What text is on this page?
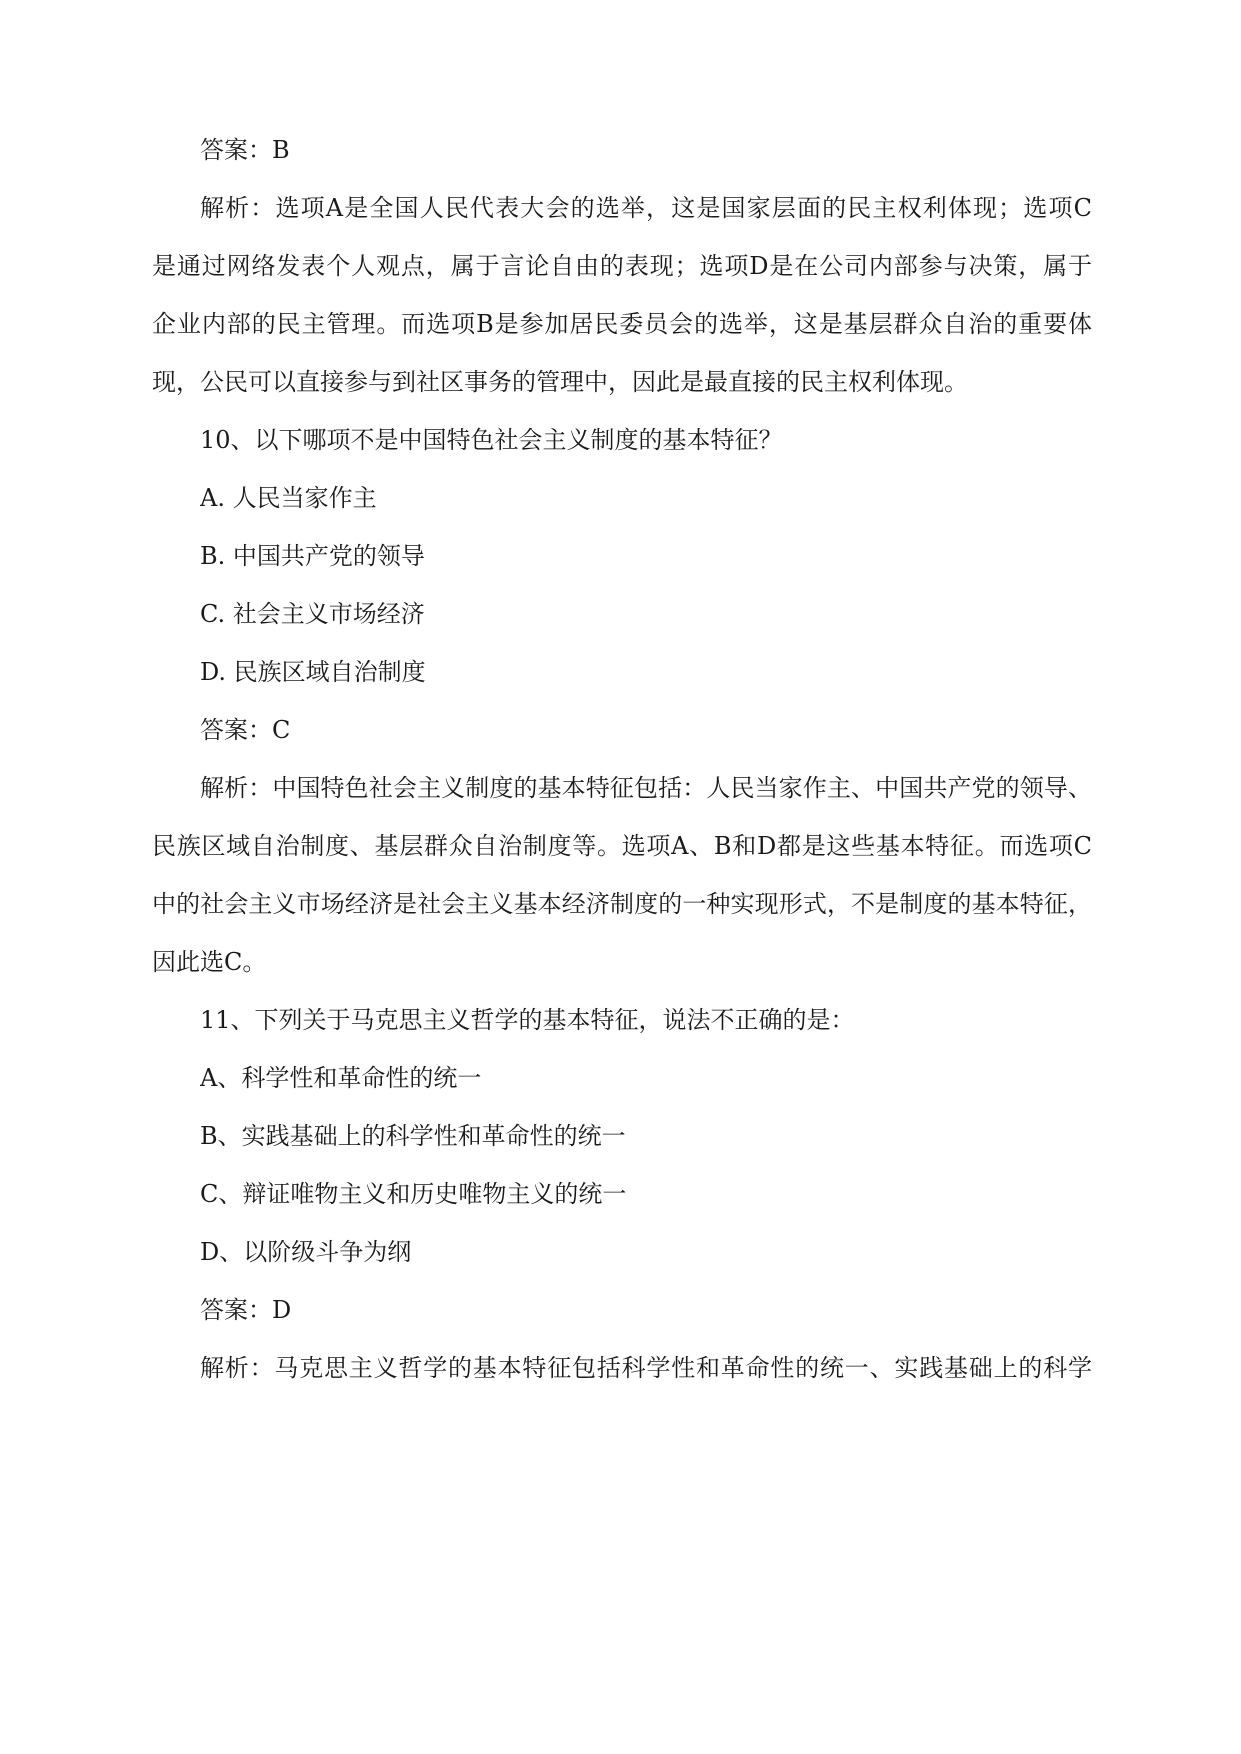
答案：B
解析：选项A是全国人民代表大会的选举，这是国家层面的民主权利体现；选项C
是通过网络发表个人观点，属于言论自由的表现；选项D是在公司内部参与决策，属于
企业内部的民主管理。而选项B是参加居民委员会的选举，这是基层群众自治的重要体
现，公民可以直接参与到社区事务的管理中，因此是最直接的民主权利体现。
10、以下哪项不是中国特色社会主义制度的基本特征？
A. 人民当家作主
B. 中国共产党的领导
C. 社会主义市场经济
D. 民族区域自治制度
答案：C
解析：中国特色社会主义制度的基本特征包括：人民当家作主、中国共产党的领导、
民族区域自治制度、基层群众自治制度等。选项A、B和D都是这些基本特征。而选项C
中的社会主义市场经济是社会主义基本经济制度的一种实现形式，不是制度的基本特征，
因此选C。
11、下列关于马克思主义哲学的基本特征，说法不正确的是：
A、科学性和革命性的统一
B、实践基础上的科学性和革命性的统一
C、辩证唯物主义和历史唯物主义的统一
D、以阶级斗争为纲
答案：D
解析：马克思主义哲学的基本特征包括科学性和革命性的统一、实践基础上的科学
